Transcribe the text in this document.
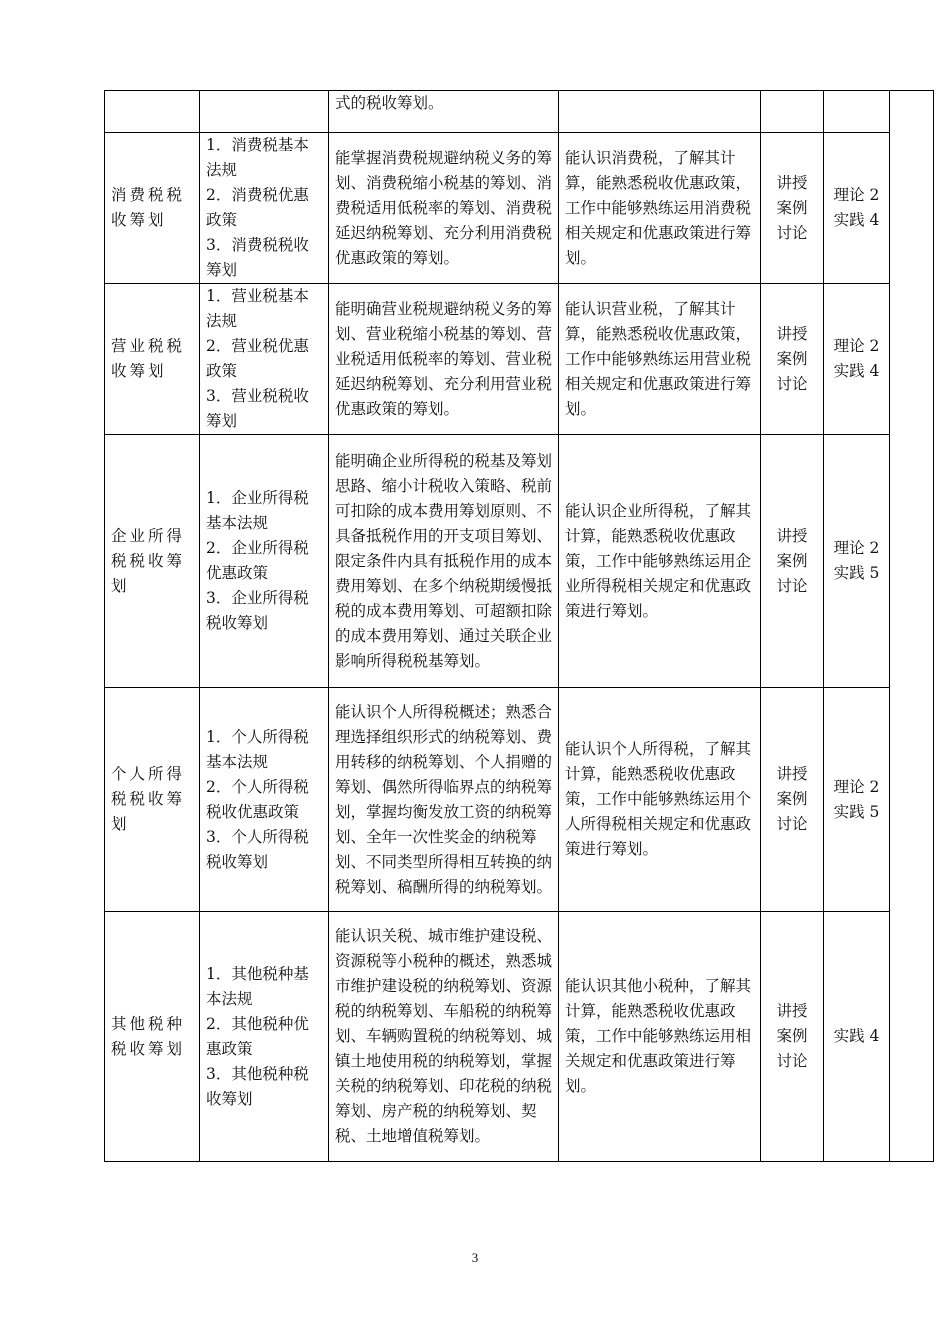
		式的税收筹划。				
消费税税收筹划	1．消费税基本法规
2．消费税优惠政策
3．消费税税收筹划	能掌握消费税规避纳税义务的筹划、消费税缩小税基的筹划、消费税适用低税率的筹划、消费税延迟纳税筹划、充分利用消费税优惠政策的筹划。	能认识消费税，了解其计算，能熟悉税收优惠政策，工作中能够熟练运用消费税相关规定和优惠政策进行筹划。	讲授
案例
讨论	理论 2
实践 4	

营业税税收筹划	1．营业税基本法规
2．营业税优惠政策
3．营业税税收筹划	能明确营业税规避纳税义务的筹划、营业税缩小税基的筹划、营业税适用低税率的筹划、营业税延迟纳税筹划、充分利用营业税优惠政策的筹划。	能认识营业税，了解其计算，能熟悉税收优惠政策，工作中能够熟练运用营业税相关规定和优惠政策进行筹划。	讲授
案例
讨论	理论 2
实践 4	

企业所得税税收筹划	1．企业所得税基本法规
2．企业所得税优惠政策
3．企业所得税税收筹划	能明确企业所得税的税基及筹划思路、缩小计税收入策略、税前可扣除的成本费用筹划原则、不具备抵税作用的开支项目筹划、限定条件内具有抵税作用的成本费用筹划、在多个纳税期缓慢抵税的成本费用筹划、可超额扣除的成本费用筹划、通过关联企业影响所得税税基筹划。	能认识企业所得税，了解其计算，能熟悉税收优惠政策，工作中能够熟练运用企业所得税相关规定和优惠政策进行筹划。	讲授
案例
讨论	理论 2
实践 5	

个人所得税税收筹划	1．个人所得税基本法规
2．个人所得税税收优惠政策
3．个人所得税税收筹划	能认识个人所得税概述；熟悉合理选择组织形式的纳税筹划、费用转移的纳税筹划、个人捐赠的筹划、偶然所得临界点的纳税筹划，掌握均衡发放工资的纳税筹划、全年一次性奖金的纳税筹划、不同类型所得相互转换的纳税筹划、稿酬所得的纳税筹划。	能认识个人所得税，了解其计算，能熟悉税收优惠政策，工作中能够熟练运用个人所得税相关规定和优惠政策进行筹划。	讲授
案例
讨论	理论 2
实践 5	

其他税种税收筹划	1．其他税种基本法规
2．其他税种优惠政策
3．其他税种税收筹划	能认识关税、城市维护建设税、资源税等小税种的概述，熟悉城市维护建设税的纳税筹划、资源税的纳税筹划、车船税的纳税筹划、车辆购置税的纳税筹划、城镇土地使用税的纳税筹划，掌握关税的纳税筹划、印花税的纳税筹划、房产税的纳税筹划、契税、土地增值税筹划。	能认识其他小税种，了解其计算，能熟悉税收优惠政策，工作中能够熟练运用相关规定和优惠政策进行筹划。	讲授
案例
讨论	实践 4	
3
